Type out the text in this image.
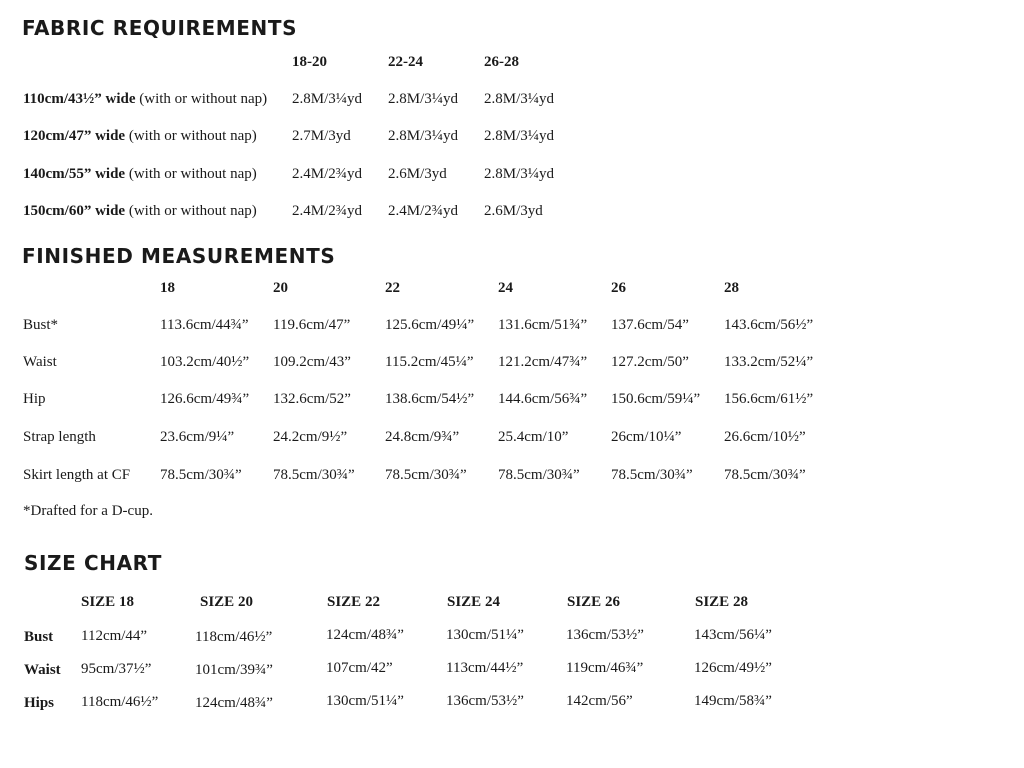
FABRIC REQUIREMENTS
18-20	22-24	26-28
110cm/43½” wide (with or without nap) 2.8M/3¼yd 2.8M/3¼yd 2.8M/3¼yd
120cm/47” wide (with or without nap) 2.7M/3yd 2.8M/3¼yd 2.8M/3¼yd
140cm/55” wide (with or without nap) 2.4M/2¾yd 2.6M/3yd 2.8M/3¼yd
150cm/60” wide (with or without nap) 2.4M/2¾yd 2.4M/2¾yd 2.6M/3yd
FINISHED MEASUREMENTS
18	20	22	24	26	28
Bust*	113.6cm/44¾” 119.6cm/47” 125.6cm/49¼” 131.6cm/51¾” 137.6cm/54” 143.6cm/56½”
Waist	103.2cm/40½” 109.2cm/43” 115.2cm/45¼” 121.2cm/47¾” 127.2cm/50” 133.2cm/52¼”
Hip	126.6cm/49¾” 132.6cm/52” 138.6cm/54½” 144.6cm/56¾” 150.6cm/59¼” 156.6cm/61½”
Strap length	23.6cm/9¼”	24.2cm/9½”	24.8cm/9¾”	25.4cm/10”	26cm/10¼”	26.6cm/10½”
Skirt length at CF 78.5cm/30¾” 78.5cm/30¾” 78.5cm/30¾” 78.5cm/30¾” 78.5cm/30¾” 78.5cm/30¾”
*Drafted for a D-cup.
SIZE CHART
SIZE 18	SIZE 20	SIZE 22	SIZE 24	SIZE 26	SIZE 28
Bust 112cm/44”	118cm/46½”	124cm/48¾”	130cm/51¼”	136cm/53½”	143cm/56¼”
Waist 95cm/37½”	101cm/39¾”	107cm/42”	113cm/44½”	119cm/46¾”	126cm/49½”
Hips 118cm/46½” 124cm/48¾”	130cm/51¼”	136cm/53½”	142cm/56”	149cm/58¾”
